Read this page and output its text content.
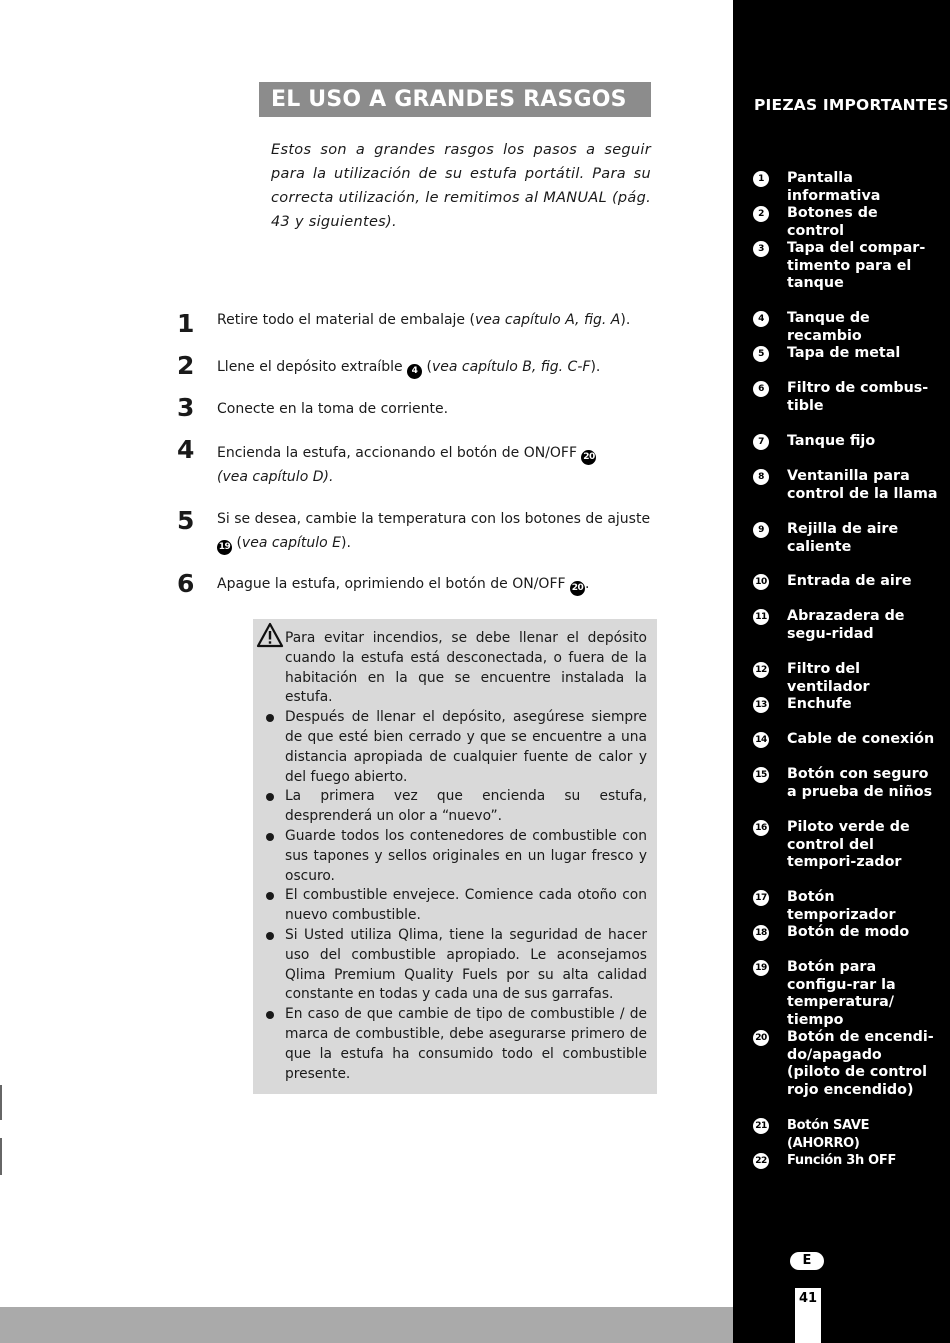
EL USO A GRANDES RASGOS
Estos son a grandes rasgos los pasos a seguir para la utilización de su estufa portátil. Para su correcta utilización, le remitimos al MANUAL (pág. 43 y siguientes).
1 Retire todo el material de embalaje (vea capítulo A, fig. A).
2 Llene el depósito extraíble 4 (vea capítulo B, fig. C-F).
3 Conecte en la toma de corriente.
4 Encienda la estufa, accionando el botón de ON/OFF 20
(vea capítulo D).
5 Si se desea, cambie la temperatura con los botones de ajuste
19 (vea capítulo E).
6 Apague la estufa, oprimiendo el botón de ON/OFF 20 .

Para evitar incendios, se debe llenar el depósito cuando la estufa está desconectada, o fuera de la habitación en la que se encuentre instalada la estufa.

Después de llenar el depósito, asegúrese siempre de que esté bien cerrado y que se encuentre a una distancia apropiada de cualquier fuente de calor y del fuego abierto.

La primera vez que encienda su estufa, desprenderá un olor a “nuevo”.

Guarde todos los contenedores de combustible con sus tapones y sellos originales en un lugar fresco y oscuro.

El combustible envejece. Comience cada otoño con nuevo combustible.

Si Usted utiliza Qlima, tiene la seguridad de hacer uso del combustible apropiado. Le aconsejamos Qlima Premium Quality Fuels por su alta calidad constante en todas y cada una de sus garrafas.

En caso de que cambie de tipo de combustible / de marca de combustible, debe asegurarse primero de que la estufa ha consumido todo el combustible presente.

PIEZAS IMPORTANTES
1	Pantalla informativa
2	Botones de control
3	Tapa del compar-timento para el tanque
4	Tanque de recambio
5	Tapa de metal
6	Filtro de combus-tible
7	Tanque fijo
8	Ventanilla para control de la llama
9	Rejilla de aire caliente
10 Entrada de aire
11 Abrazadera de segu-ridad
12 Filtro del ventilador
13 Enchufe
14 Cable de conexión
15 Botón con seguro a prueba de niños
16 Piloto verde de control del tempori-zador
17 Botón temporizador
18 Botón de modo
19 Botón para configu-rar la temperatura/ tiempo
20 Botón de encendi-do/apagado (piloto de control rojo encendido)
21 Botón SAVE (AHORRO)
22 Función 3h OFF
E
41
